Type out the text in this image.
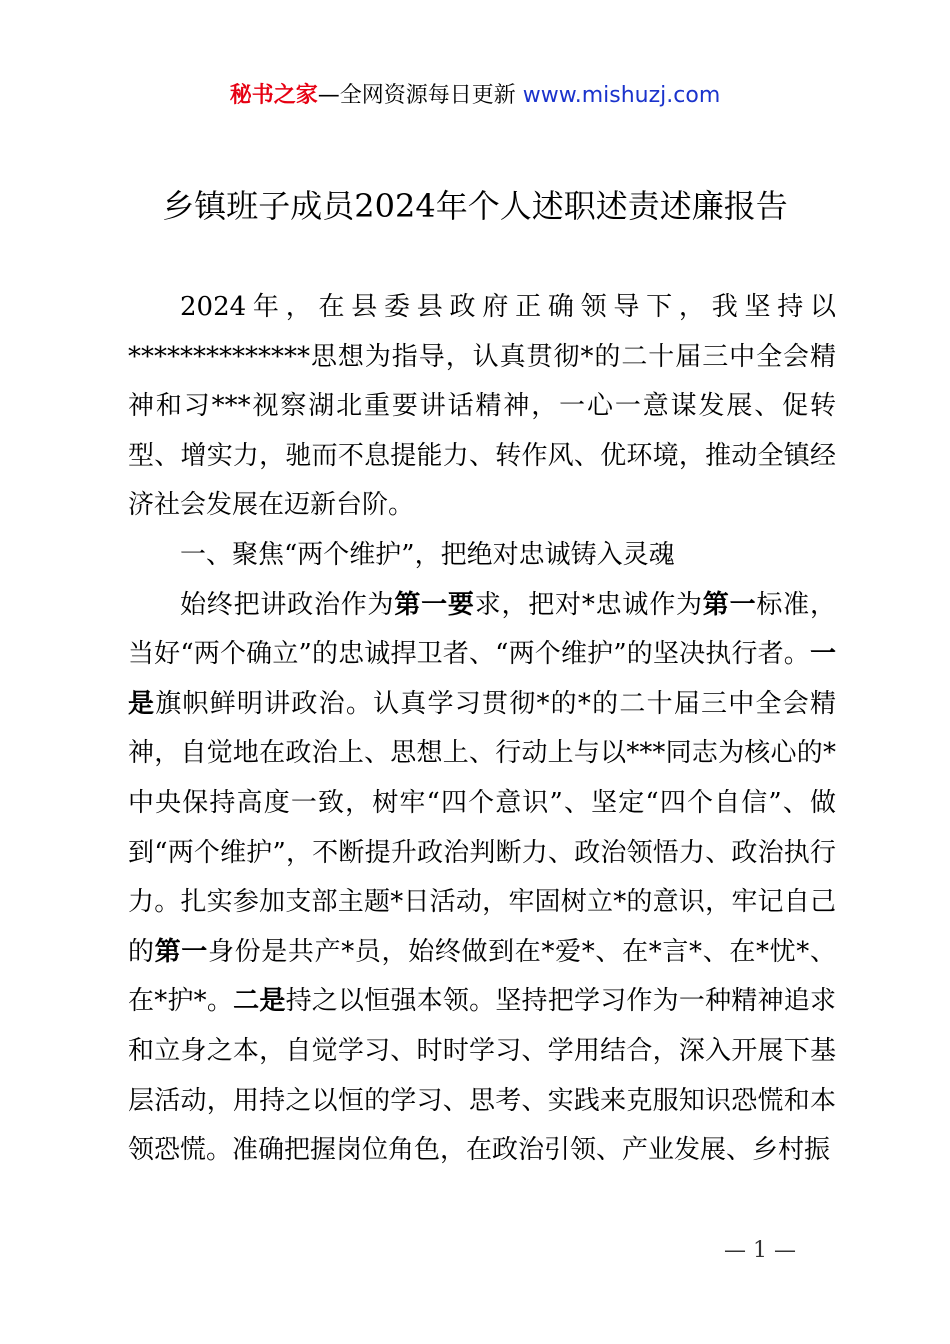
秘书之家—全网资源每日更新 www.mishuzj.com
乡镇班子成员2024年个人述职述责述廉报告

2024年，在县委县政府正确领导下，我坚持以**************思想为指导，认真贯彻*的二十届三中全会精神和习***视察湖北重要讲话精神，一心一意谋发展、促转型、增实力，驰而不息提能力、转作风、优环境，推动全镇经济社会发展在迈新台阶。

一、聚焦“两个维护”，把绝对忠诚铸入灵魂

始终把讲政治作为第一要求，把对*忠诚作为第一标准，当好“两个确立”的忠诚捍卫者、“两个维护”的坚决执行者。一是旗帜鲜明讲政治。认真学习贯彻*的*的二十届三中全会精神，自觉地在政治上、思想上、行动上与以***同志为核心的*中央保持高度一致，树牢“四个意识”、坚定“四个自信”、做到“两个维护”，不断提升政治判断力、政治领悟力、政治执行力。扎实参加支部主题*日活动，牢固树立*的意识，牢记自己的第一身份是共产*员，始终做到在*爱*、在*言*、在*忧*、在*护*。二是持之以恒强本领。坚持把学习作为一种精神追求和立身之本，自觉学习、时时学习、学用结合，深入开展下基层活动，用持之以恒的学习、思考、实践来克服知识恐慌和本领恐慌。准确把握岗位角色，在政治引领、产业发展、乡村振

— 1 —
